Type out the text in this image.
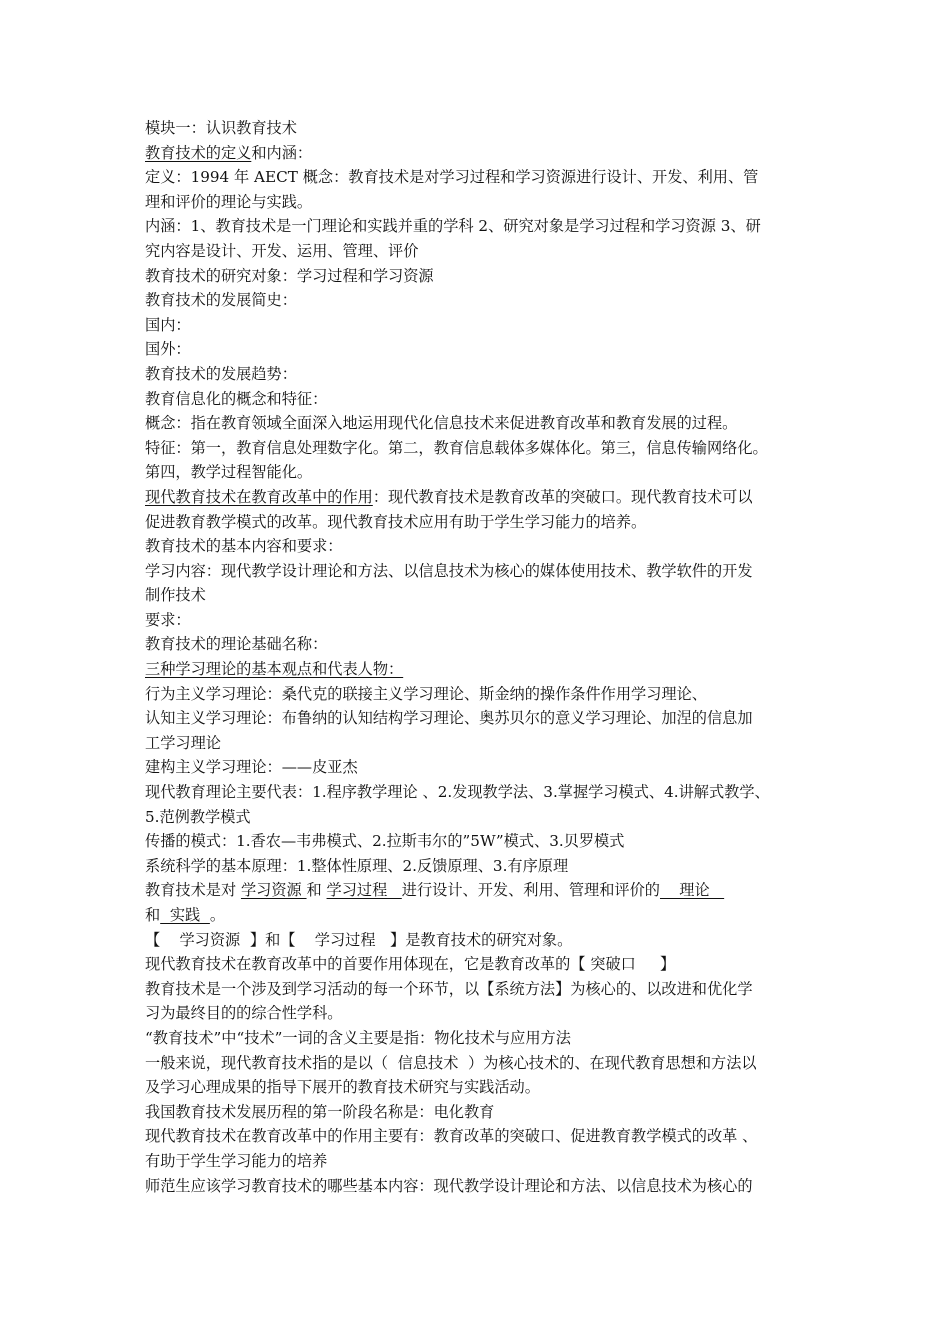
模块一：认识教育技术
教育技术的定义和内涵：
定义：1994 年 AECT 概念：教育技术是对学习过程和学习资源进行设计、开发、利用、管
理和评价的理论与实践。
内涵：1、教育技术是一门理论和实践并重的学科 2、研究对象是学习过程和学习资源 3、研
究内容是设计、开发、运用、管理、评价
教育技术的研究对象：学习过程和学习资源
教育技术的发展简史：
国内：
国外：
教育技术的发展趋势：
教育信息化的概念和特征：
概念：指在教育领域全面深入地运用现代化信息技术来促进教育改革和教育发展的过程。
特征：第一，教育信息处理数字化。第二，教育信息载体多媒体化。第三，信息传输网络化。
第四，教学过程智能化。
现代教育技术在教育改革中的作用：现代教育技术是教育改革的突破口。现代教育技术可以
促进教育教学模式的改革。现代教育技术应用有助于学生学习能力的培养。
教育技术的基本内容和要求：
学习内容：现代教学设计理论和方法、以信息技术为核心的媒体使用技术、教学软件的开发
制作技术
要求：
教育技术的理论基础名称：
三种学习理论的基本观点和代表人物：
行为主义学习理论：桑代克的联接主义学习理论、斯金纳的操作条件作用学习理论、
认知主义学习理论：布鲁纳的认知结构学习理论、奥苏贝尔的意义学习理论、加涅的信息加
工学习理论
建构主义学习理论：——皮亚杰
现代教育理论主要代表：1.程序教学理论 、2.发现教学法、3.掌握学习模式、4.讲解式教学、
5.范例教学模式
传播的模式：1.香农—韦弗模式、2.拉斯韦尔的”5W”模式、3.贝罗模式
系统科学的基本原理：1.整体性原理、2.反馈原理、3.有序原理
教育技术是对 学习资源 和 学习过程   进行设计、开发、利用、管理和评价的    理论
和  实践  。
【    学习资源  】和【    学习过程   】是教育技术的研究对象。
现代教育技术在教育改革中的首要作用体现在，它是教育改革的【 突破口     】
教育技术是一个涉及到学习活动的每一个环节，以【系统方法】为核心的、以改进和优化学
习为最终目的的综合性学科。
“教育技术”中“技术”一词的含义主要是指：物化技术与应用方法
一般来说，现代教育技术指的是以（  信息技术  ）为核心技术的、在现代教育思想和方法以
及学习心理成果的指导下展开的教育技术研究与实践活动。
我国教育技术发展历程的第一阶段名称是：电化教育
现代教育技术在教育改革中的作用主要有：教育改革的突破口、促进教育教学模式的改革 、
有助于学生学习能力的培养
师范生应该学习教育技术的哪些基本内容：现代教学设计理论和方法、以信息技术为核心的
